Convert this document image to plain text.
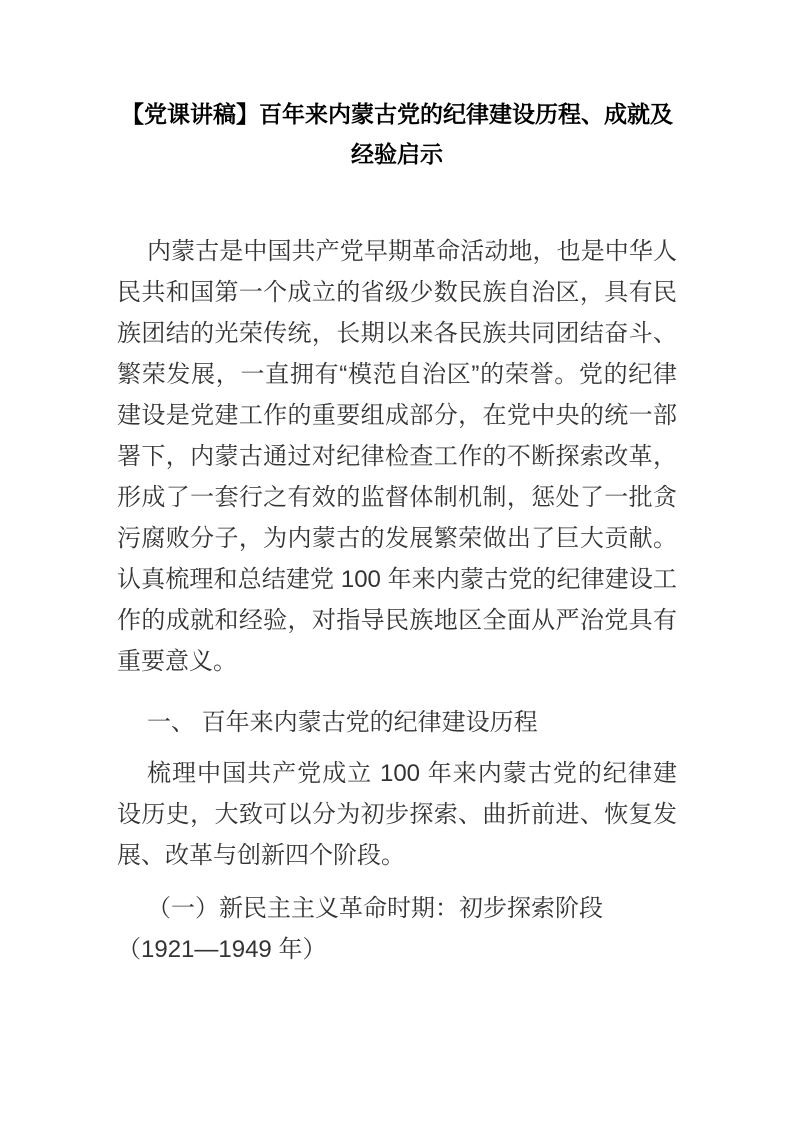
【党课讲稿】百年来内蒙古党的纪律建设历程、成就及经验启示

内蒙古是中国共产党早期革命活动地，也是中华人民共和国第一个成立的省级少数民族自治区，具有民族团结的光荣传统，长期以来各民族共同团结奋斗、繁荣发展，一直拥有“模范自治区”的荣誉。党的纪律建设是党建工作的重要组成部分，在党中央的统一部署下，内蒙古通过对纪律检查工作的不断探索改革，形成了一套行之有效的监督体制机制，惩处了一批贪污腐败分子，为内蒙古的发展繁荣做出了巨大贡献。认真梳理和总结建党 100 年来内蒙古党的纪律建设工作的成就和经验，对指导民族地区全面从严治党具有重要意义。

一、 百年来内蒙古党的纪律建设历程

梳理中国共产党成立 100 年来内蒙古党的纪律建设历史，大致可以分为初步探索、曲折前进、恢复发展、改革与创新四个阶段。

（一）新民主主义革命时期：初步探索阶段（1921—1949 年）
